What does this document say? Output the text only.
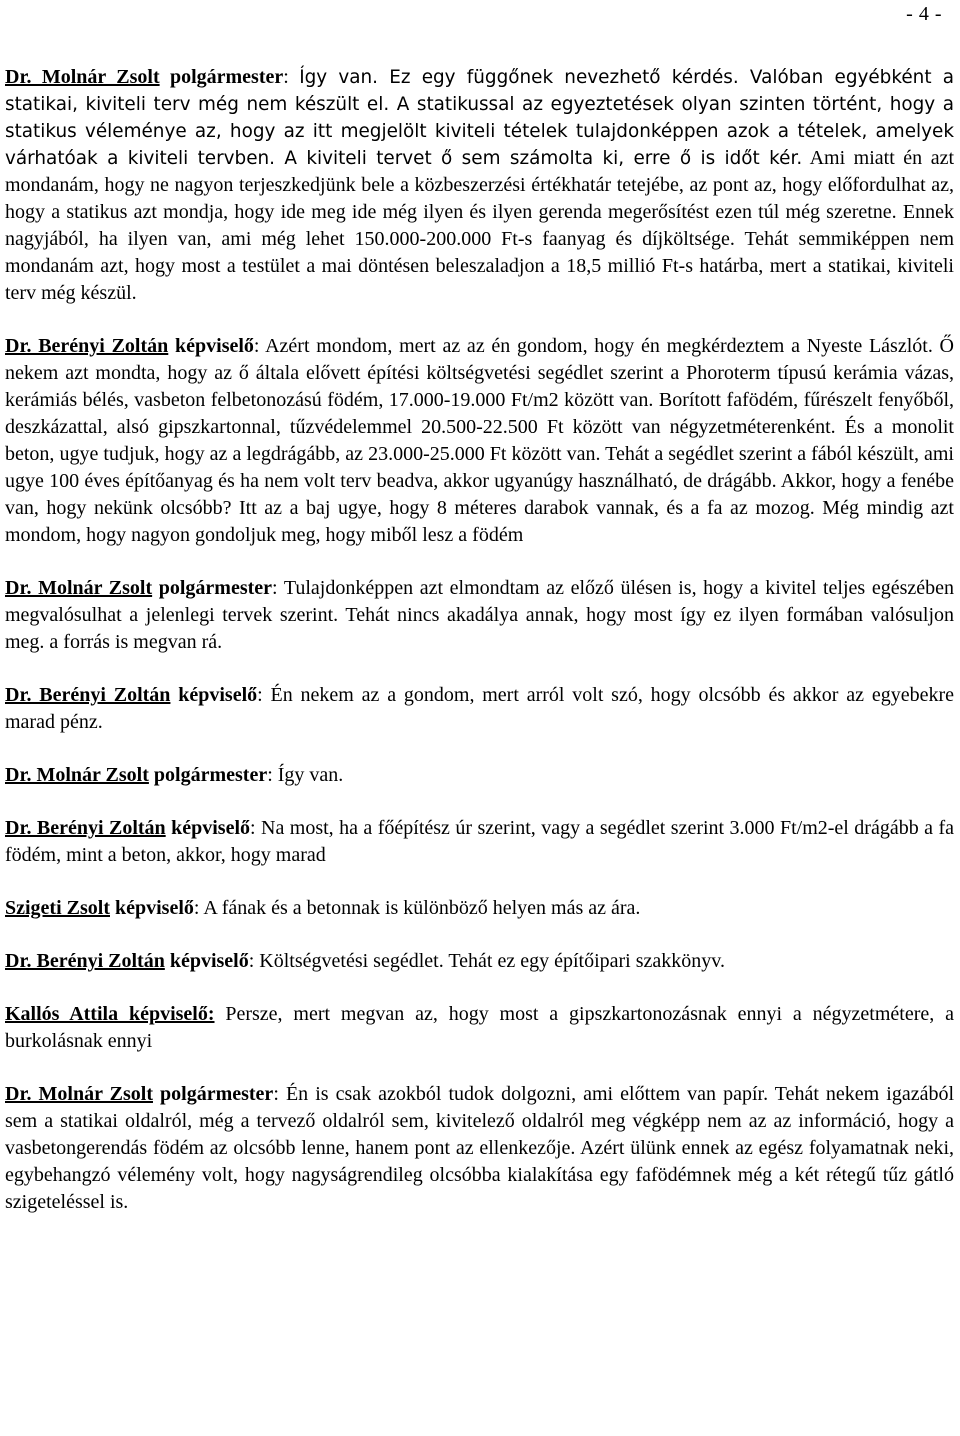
- 4 -

Dr. Molnár Zsolt polgármester: Így van. Ez egy függőnek nevezhető kérdés. Valóban egyébként a statikai, kiviteli terv még nem készült el. A statikussal az egyeztetések olyan szinten történt, hogy a statikus véleménye az, hogy az itt megjelölt kiviteli tételek tulajdonképpen azok a tételek, amelyek várhatóak a kiviteli tervben. A kiviteli tervet ő sem számolta ki, erre ő is időt kér. Ami miatt én azt mondanám, hogy ne nagyon terjeszkedjünk bele a közbeszerzési értékhatár tetejébe, az pont az, hogy előfordulhat az, hogy a statikus azt mondja, hogy ide meg ide még ilyen és ilyen gerenda megerősítést ezen túl még szeretne. Ennek nagyjából, ha ilyen van, ami még lehet 150.000-200.000 Ft-s faanyag és díjköltsége. Tehát semmiképpen nem mondanám azt, hogy most a testület a mai döntésen beleszaladjon a 18,5 millió Ft-s határba, mert a statikai, kiviteli terv még készül.

Dr. Berényi Zoltán képviselő: Azért mondom, mert az az én gondom, hogy én megkérdeztem a Nyeste Lászlót. Ő nekem azt mondta, hogy az ő általa elővett építési költségvetési segédlet szerint a Phoroterm típusú kerámia vázas, kerámiás bélés, vasbeton felbetonozású födém, 17.000-19.000 Ft/m2 között van. Borított fafödém, fűrészelt fenyőből, deszkázattal, alsó gipszkartonnal, tűzvédelemmel 20.500-22.500 Ft között van négyzetméterenként. És a monolit beton, ugye tudjuk, hogy az a legdrágább, az 23.000-25.000 Ft között van. Tehát a segédlet szerint a fából készült, ami ugye 100 éves építőanyag és ha nem volt terv beadva, akkor ugyanúgy használható, de drágább. Akkor, hogy a fenébe van, hogy nekünk olcsóbb? Itt az a baj ugye, hogy 8 méteres darabok vannak, és a fa az mozog. Még mindig azt mondom, hogy nagyon gondoljuk meg, hogy miből lesz a födém

Dr. Molnár Zsolt polgármester: Tulajdonképpen azt elmondtam az előző ülésen is, hogy a kivitel teljes egészében megvalósulhat a jelenlegi tervek szerint. Tehát nincs akadálya annak, hogy most így ez ilyen formában valósuljon meg. a forrás is megvan rá.

Dr. Berényi Zoltán képviselő: Én nekem az a gondom, mert arról volt szó, hogy olcsóbb és akkor az egyebekre marad pénz.

Dr. Molnár Zsolt polgármester: Így van.

Dr. Berényi Zoltán képviselő: Na most, ha a főépítész úr szerint, vagy a segédlet szerint 3.000 Ft/m2-el drágább a fa födém, mint a beton, akkor, hogy marad

Szigeti Zsolt képviselő: A fának és a betonnak is különböző helyen más az ára.

Dr. Berényi Zoltán képviselő: Költségvetési segédlet. Tehát ez egy építőipari szakkönyv.

Kallós Attila képviselő: Persze, mert megvan az, hogy most a gipszkartonozásnak ennyi a négyzetmétere, a burkolásnak ennyi

Dr. Molnár Zsolt polgármester: Én is csak azokból tudok dolgozni, ami előttem van papír. Tehát nekem igazából sem a statikai oldalról, még a tervező oldalról sem, kivitelező oldalról meg végképp nem az az információ, hogy a vasbetongerendás födém az olcsóbb lenne, hanem pont az ellenkezője. Azért ülünk ennek az egész folyamatnak neki, egybehangzó vélemény volt, hogy nagyságrendileg olcsóbba kialakítása egy fafödémnek még a két rétegű tűz gátló szigeteléssel is.
